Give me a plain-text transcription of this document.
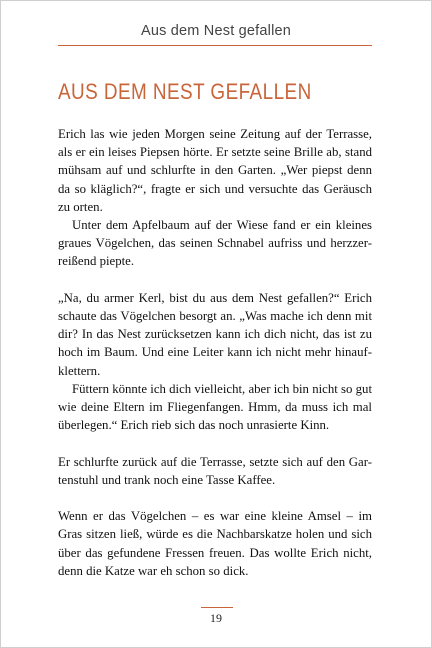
Aus dem Nest gefallen
AUS DEM NEST GEFALLEN

Erich las wie jeden Morgen seine Zeitung auf der Terrasse, als er ein leises Piepsen hörte. Er setzte seine Brille ab, stand mühsam auf und schlurfte in den Garten. „Wer piepst denn da so kläglich?“, fragte er sich und versuchte das Geräusch zu orten.

Unter dem Apfelbaum auf der Wiese fand er ein kleines graues Vögelchen, das seinen Schnabel aufriss und herzzer-reißend piepte.

„Na, du armer Kerl, bist du aus dem Nest gefallen?“ Erich schaute das Vögelchen besorgt an. „Was mache ich denn mit dir? In das Nest zurücksetzen kann ich dich nicht, das ist zu hoch im Baum. Und eine Leiter kann ich nicht mehr hinauf-klettern.

Füttern könnte ich dich vielleicht, aber ich bin nicht so gut wie deine Eltern im Fliegenfangen. Hmm, da muss ich mal überlegen.“ Erich rieb sich das noch unrasierte Kinn.

Er schlurfte zurück auf die Terrasse, setzte sich auf den Gar-tenstuhl und trank noch eine Tasse Kaffee.

Wenn er das Vögelchen – es war eine kleine Amsel – im Gras sitzen ließ, würde es die Nachbarskatze holen und sich über das gefundene Fressen freuen. Das wollte Erich nicht, denn die Katze war eh schon so dick.

19
